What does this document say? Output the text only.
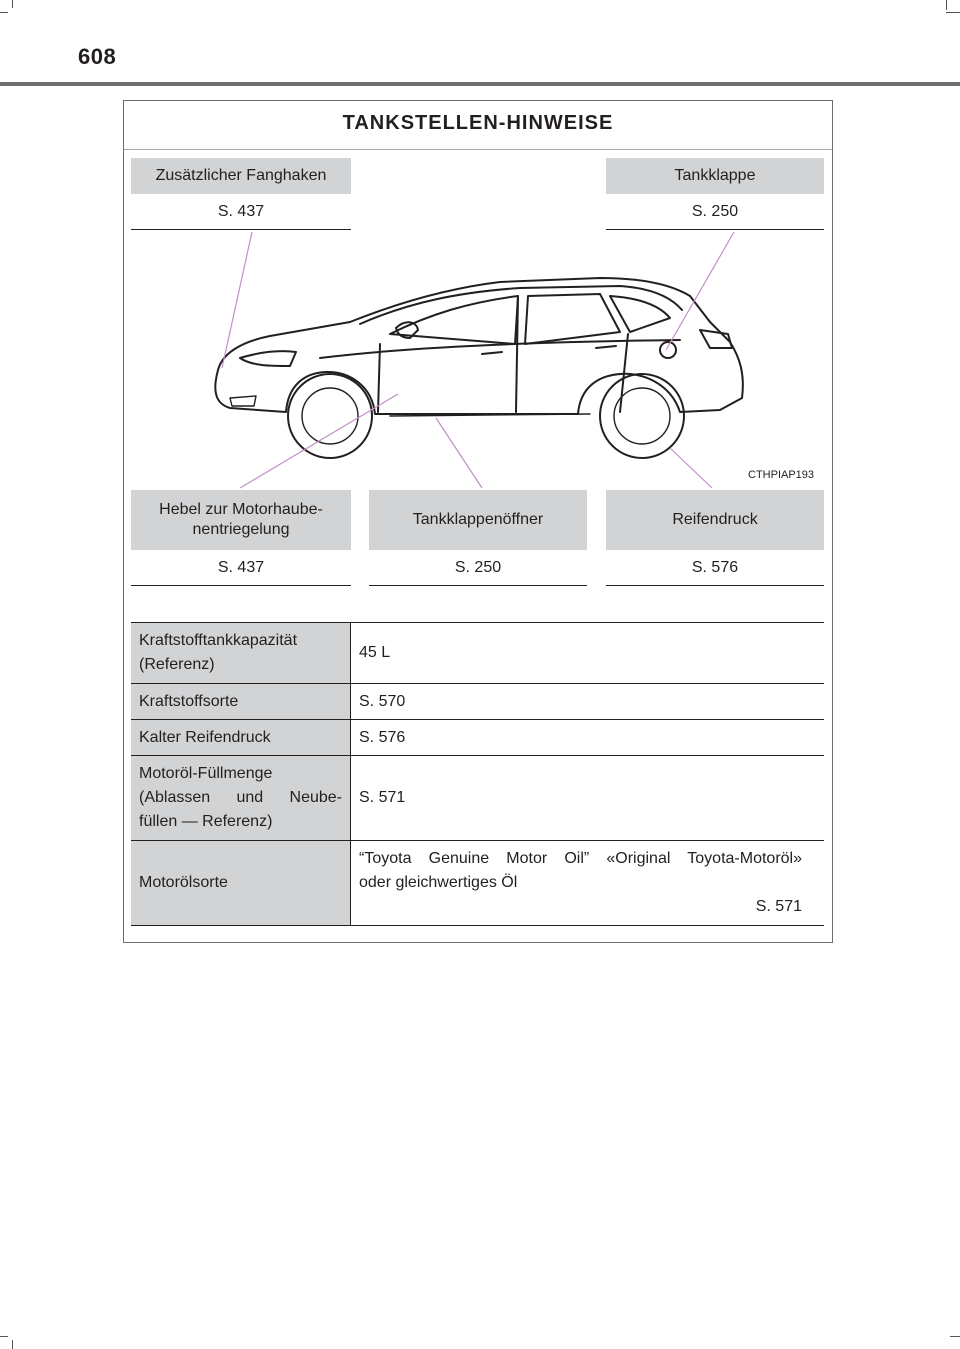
608
TANKSTELLEN-HINWEISE
Zusätzlicher Fanghaken
S. 437
Tankklappe
S. 250
CTHPIAP193
Hebel zur Motorhaube-
nentriegelung
S. 437
Tankklappenöffner
S. 250
Reifendruck
S. 576
Kraftstofftankkapazität
(Referenz)	45 L
Kraftstoffsorte	S. 570
Kalter Reifendruck	S. 576

Motoröl-Füllmenge
(Ablassen und Neube-
füllen — Referenz)	S. 571
Motorölsorte	“Toyota Genuine Motor Oil” «Original Toyota-Motoröl»
oder gleichwertiges Öl
S. 571
